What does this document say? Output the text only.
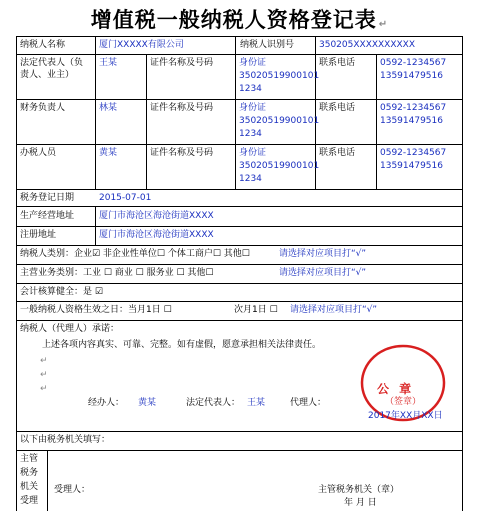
增值税一般纳税人资格登记表 ↵
纳税人名称	厦门XXXXX有限公司	纳税人识别号	350205XXXXXXXXXX
法定代表人（负
责人、业主）
王某	证件名称及号码	身份证
35020519900101
1234
联系电话	0592-1234567
13591479516
财务负责人	林某	证件名称及号码	身份证
35020519900101
1234
联系电话	0592-1234567
13591479516
办税人员	黄某	证件名称及号码	身份证
35020519900101
1234
联系电话	0592-1234567
13591479516
税务登记日期	2015-07-01
生产经营地址	厦门市海沧区海沧街道XXXX
注册地址	厦门市海沧区海沧街道XXXX
纳税人类别：企业☑ 非企业性单位☐ 个体工商户☐ 其他☐	请选择对应项目打“√”
主营业务类别：工业 ☐ 商业 ☐ 服务业 ☐ 其他☐	请选择对应项目打“√”
会计核算健全：是 ☑
一般纳税人资格生效之日：当月1日 ☐	次月1日 ☐ 请选择对应项目打“√”
纳税人（代理人）承诺：
上述各项内容真实、可靠、完整。如有虚假，愿意承担相关法律责任。
↵
↵
↵
经办人： 黄某	法定代表人： 王某	代理人：
公 章
（签章）
2017年XX月XX日
以下由税务机关填写：
主管
税务
机关
受理
受理人：	主管税务机关（章）
年 月 日
